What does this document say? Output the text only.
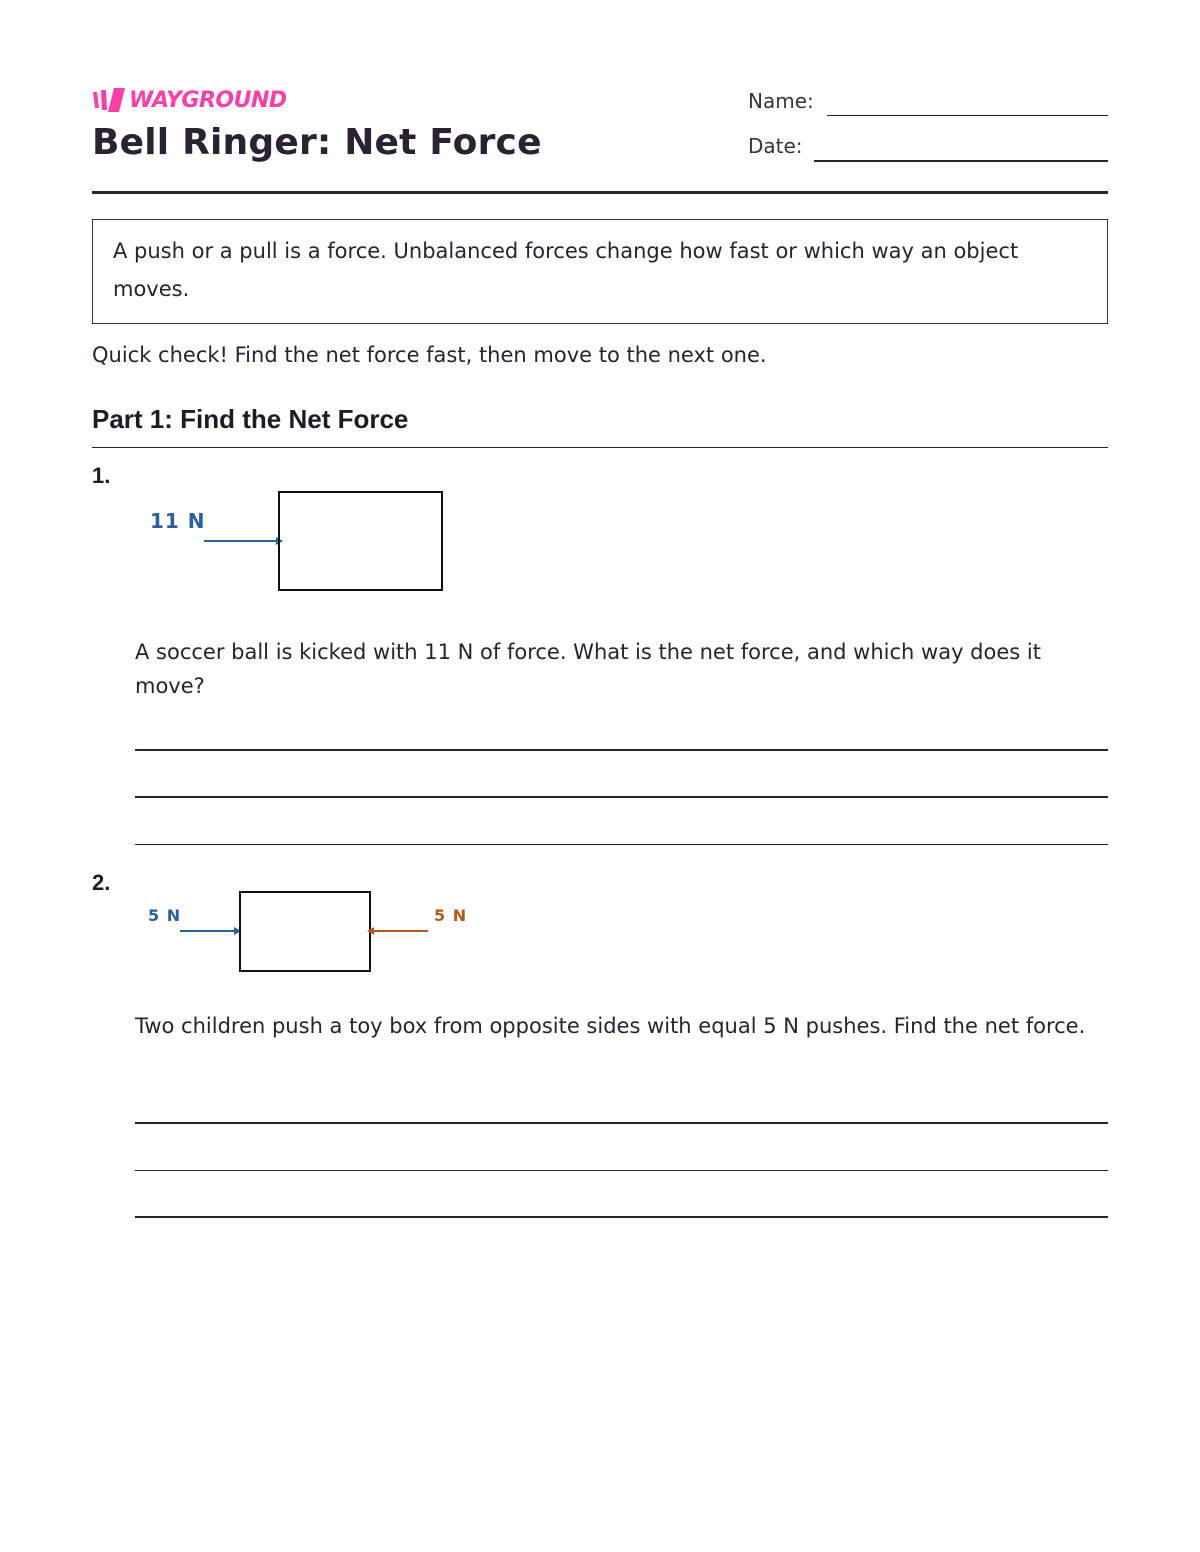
WAYGROUND
Bell Ringer: Net Force
Name:
Date:
A push or a pull is a force. Unbalanced forces change how fast or which way an object moves.
Quick check! Find the net force fast, then move to the next one.
Part 1: Find the Net Force
1.
11 N
A soccer ball is kicked with 11 N of force. What is the net force, and which way does it move?
2.
5 N	5 N
Two children push a toy box from opposite sides with equal 5 N pushes. Find the net force.
